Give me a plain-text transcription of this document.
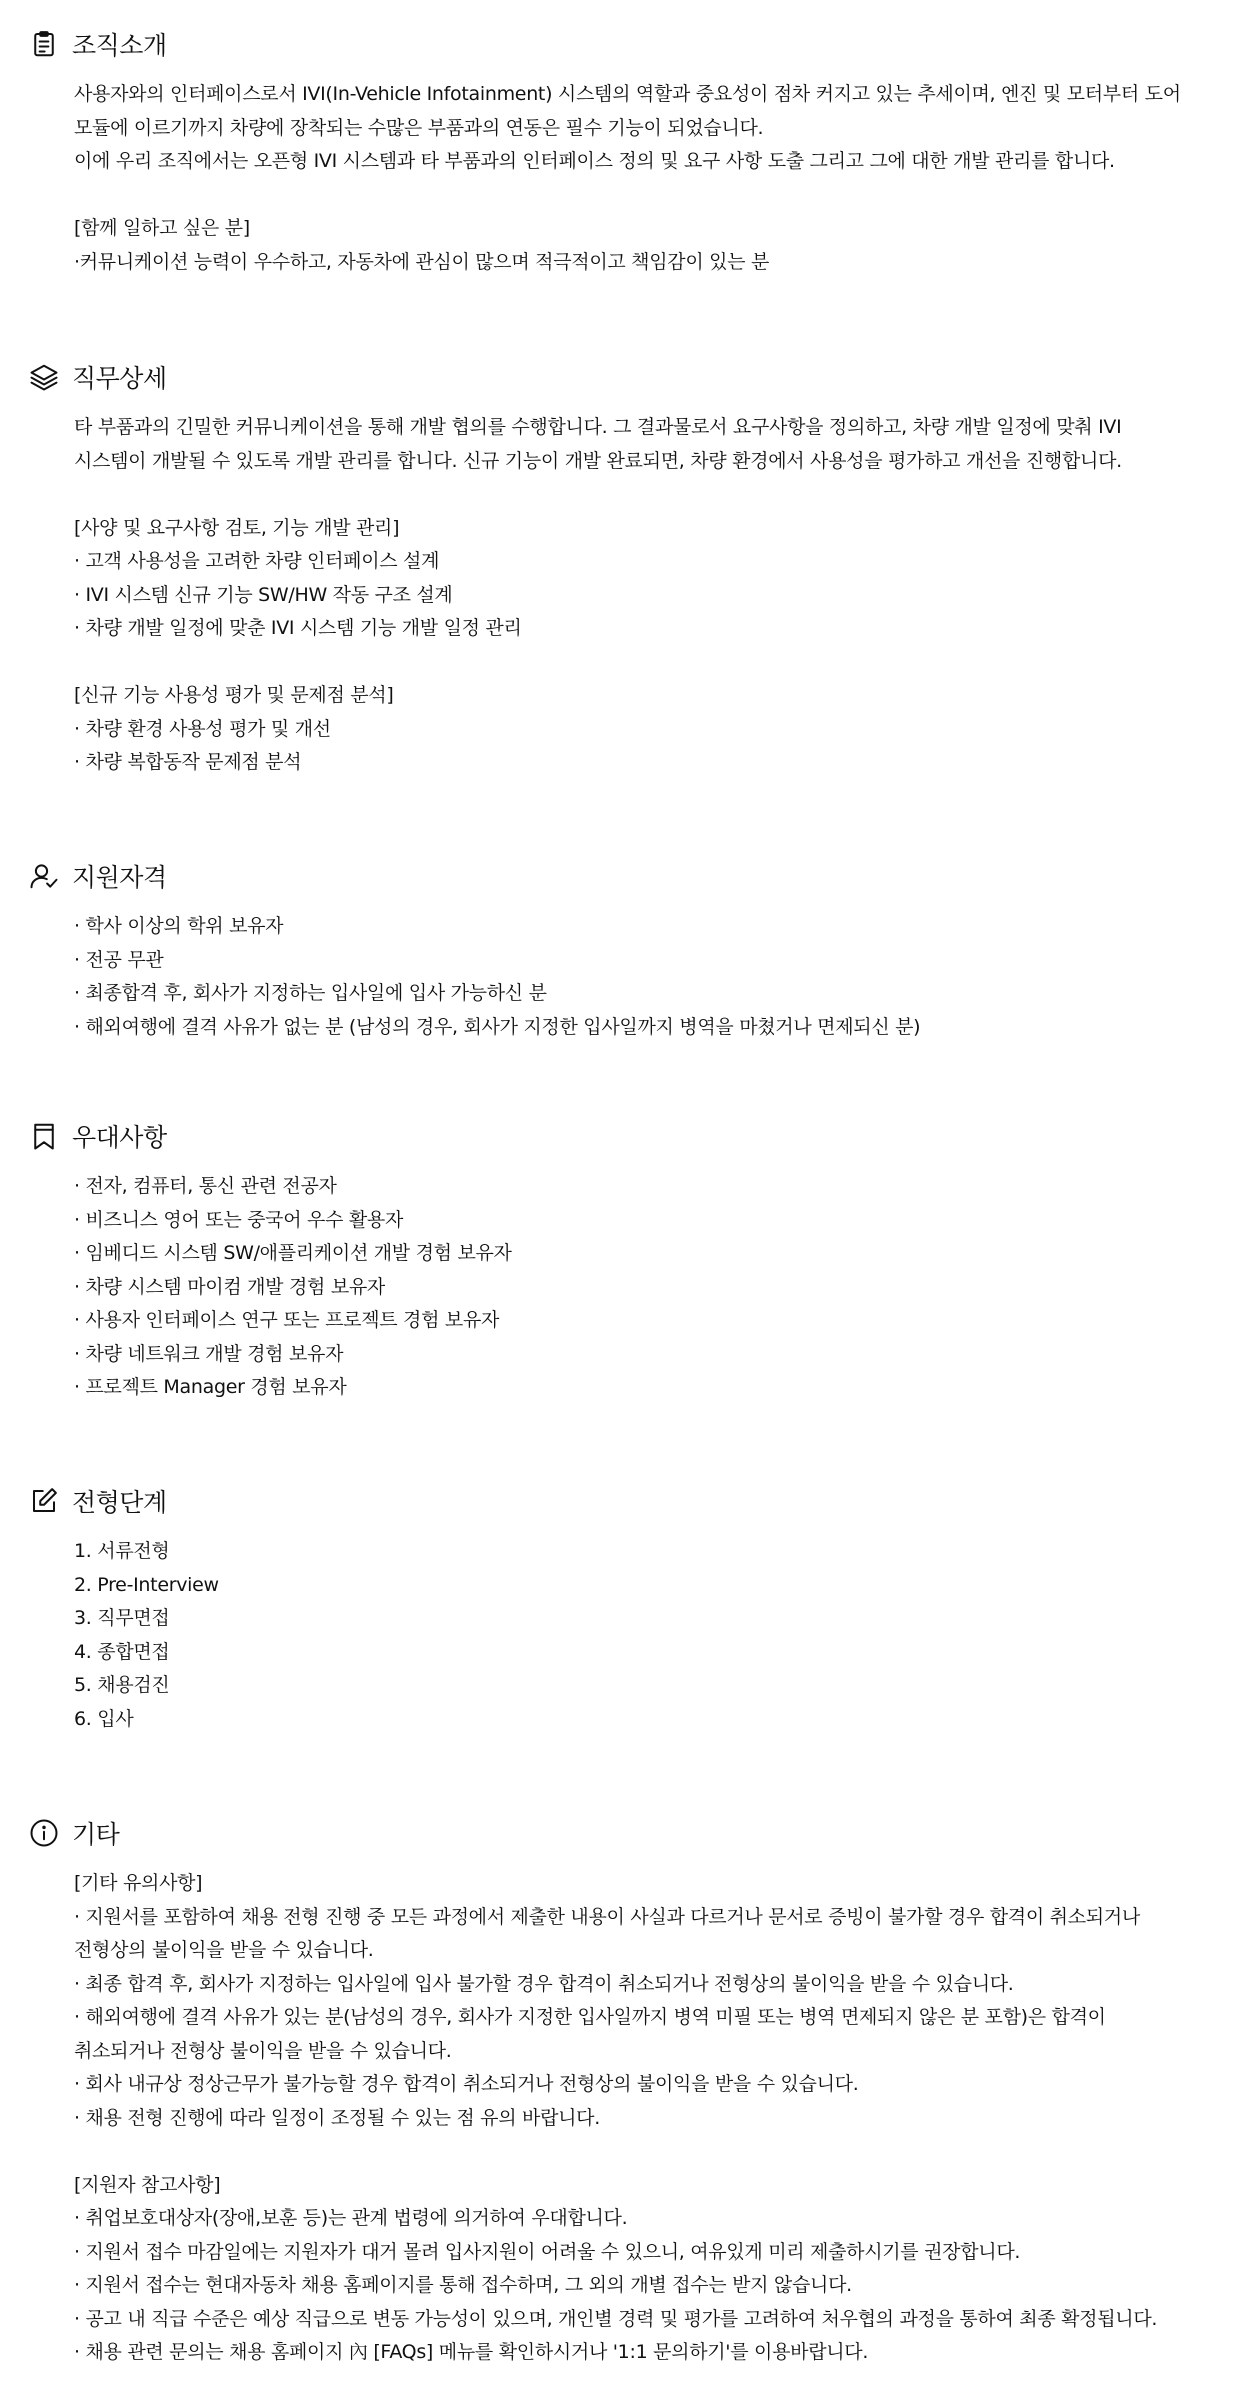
조직소개

사용자와의 인터페이스로서 IVI(In-Vehicle Infotainment) 시스템의 역할과 중요성이 점차 커지고 있는 추세이며, 엔진 및 모터부터 도어

모듈에 이르기까지 차량에 장착되는 수많은 부품과의 연동은 필수 기능이 되었습니다.

이에 우리 조직에서는 오픈형 IVI 시스템과 타 부품과의 인터페이스 정의 및 요구 사항 도출 그리고 그에 대한 개발 관리를 합니다.

[함께 일하고 싶은 분]

·커뮤니케이션 능력이 우수하고, 자동차에 관심이 많으며 적극적이고 책임감이 있는 분

직무상세

타 부품과의 긴밀한 커뮤니케이션을 통해 개발 협의를 수행합니다. 그 결과물로서 요구사항을 정의하고, 차량 개발 일정에 맞춰 IVI

시스템이 개발될 수 있도록 개발 관리를 합니다. 신규 기능이 개발 완료되면, 차량 환경에서 사용성을 평가하고 개선을 진행합니다.

[사양 및 요구사항 검토, 기능 개발 관리]

· 고객 사용성을 고려한 차량 인터페이스 설계

· IVI 시스템 신규 기능 SW/HW 작동 구조 설계

· 차량 개발 일정에 맞춘 IVI 시스템 기능 개발 일정 관리

[신규 기능 사용성 평가 및 문제점 분석]

· 차량 환경 사용성 평가 및 개선

· 차량 복합동작 문제점 분석

지원자격

· 학사 이상의 학위 보유자

· 전공 무관

· 최종합격 후, 회사가 지정하는 입사일에 입사 가능하신 분

· 해외여행에 결격 사유가 없는 분 (남성의 경우, 회사가 지정한 입사일까지 병역을 마쳤거나 면제되신 분)

우대사항

· 전자, 컴퓨터, 통신 관련 전공자

· 비즈니스 영어 또는 중국어 우수 활용자

· 임베디드 시스템 SW/애플리케이션 개발 경험 보유자

· 차량 시스템 마이컴 개발 경험 보유자

· 사용자 인터페이스 연구 또는 프로젝트 경험 보유자

· 차량 네트워크 개발 경험 보유자

· 프로젝트 Manager 경험 보유자

전형단계

1. 서류전형

2. Pre-Interview

3. 직무면접

4. 종합면접

5. 채용검진

6. 입사

기타

[기타 유의사항]

· 지원서를 포함하여 채용 전형 진행 중 모든 과정에서 제출한 내용이 사실과 다르거나 문서로 증빙이 불가할 경우 합격이 취소되거나

전형상의 불이익을 받을 수 있습니다.

· 최종 합격 후, 회사가 지정하는 입사일에 입사 불가할 경우 합격이 취소되거나 전형상의 불이익을 받을 수 있습니다.

· 해외여행에 결격 사유가 있는 분(남성의 경우, 회사가 지정한 입사일까지 병역 미필 또는 병역 면제되지 않은 분 포함)은 합격이

취소되거나 전형상 불이익을 받을 수 있습니다.

· 회사 내규상 정상근무가 불가능할 경우 합격이 취소되거나 전형상의 불이익을 받을 수 있습니다.

· 채용 전형 진행에 따라 일정이 조정될 수 있는 점 유의 바랍니다.

[지원자 참고사항]

· 취업보호대상자(장애,보훈 등)는 관계 법령에 의거하여 우대합니다.

· 지원서 접수 마감일에는 지원자가 대거 몰려 입사지원이 어려울 수 있으니, 여유있게 미리 제출하시기를 권장합니다.

· 지원서 접수는 현대자동차 채용 홈페이지를 통해 접수하며, 그 외의 개별 접수는 받지 않습니다.

· 공고 내 직급 수준은 예상 직급으로 변동 가능성이 있으며, 개인별 경력 및 평가를 고려하여 처우협의 과정을 통하여 최종 확정됩니다.

· 채용 관련 문의는 채용 홈페이지 內 [FAQs] 메뉴를 확인하시거나 '1:1 문의하기'를 이용바랍니다.
